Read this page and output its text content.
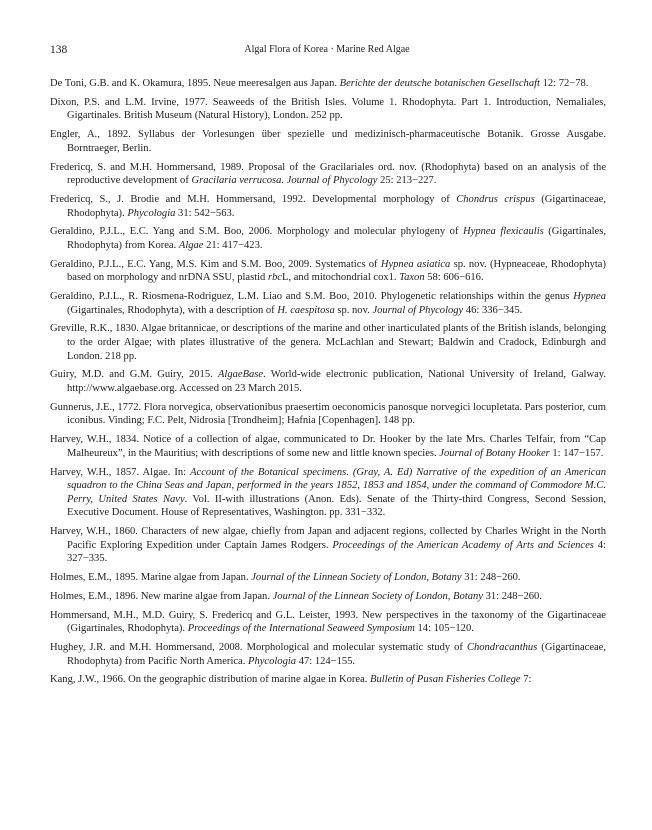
138	Algal Flora of Korea · Marine Red Algae

De Toni, G.B. and K. Okamura, 1895. Neue meeresalgen aus Japan. Berichte der deutsche botanischen Gesellschaft 12: 72−78.

Dixon, P.S. and L.M. Irvine, 1977. Seaweeds of the British Isles. Volume 1. Rhodophyta. Part 1. Introduction, Nemaliales, Gigartinales. British Museum (Natural History), London. 252 pp.

Engler, A., 1892. Syllabus der Vorlesungen über spezielle und medizinisch-pharmaceutische Botanik. Grosse Ausgabe. Borntraeger, Berlin.

Fredericq, S. and M.H. Hommersand, 1989. Proposal of the Gracilariales ord. nov. (Rhodophyta) based on an analysis of the reproductive development of Gracilaria verrucosa. Journal of Phycology 25: 213−227.

Fredericq, S., J. Brodie and M.H. Hommersand, 1992. Developmental morphology of Chondrus crispus (Gigartinaceae, Rhodophyta). Phycologia 31: 542−563.

Geraldino, P.J.L., E.C. Yang and S.M. Boo, 2006. Morphology and molecular phylogeny of Hypnea flexicaulis (Gigartinales, Rhodophyta) from Korea. Algae 21: 417−423.

Geraldino, P.J.L., E.C. Yang, M.S. Kim and S.M. Boo, 2009. Systematics of Hypnea asiatica sp. nov. (Hypneaceae, Rhodophyta) based on morphology and nrDNA SSU, plastid rbcL, and mitochondrial cox1. Taxon 58: 606−616.

Geraldino, P.J.L., R. Riosmena-Rodriguez, L.M. Liao and S.M. Boo, 2010. Phylogenetic relationships within the genus Hypnea (Gigartinales, Rhodophyta), with a description of H. caespitosa sp. nov. Journal of Phycology 46: 336−345.

Greville, R.K., 1830. Algae britannicae, or descriptions of the marine and other inarticulated plants of the British islands, belonging to the order Algae; with plates illustrative of the genera. McLachlan and Stewart; Baldwin and Cradock, Edinburgh and London. 218 pp.

Guiry, M.D. and G.M. Guiry, 2015. AlgaeBase. World-wide electronic publication, National University of Ireland, Galway. http://www.algaebase.org. Accessed on 23 March 2015.

Gunnerus, J.E., 1772. Flora norvegica, observationibus praesertim oeconomicis panosque norvegici locupletata. Pars posterior, cum iconibus. Vinding; F.C. Pelt, Nidrosia [Trondheim]; Hafnia [Copenhagen]. 148 pp.

Harvey, W.H., 1834. Notice of a collection of algae, communicated to Dr. Hooker by the late Mrs. Charles Telfair, from “Cap Malheureux”, in the Mauritius; with descriptions of some new and little known species. Journal of Botany Hooker 1: 147−157.

Harvey, W.H., 1857. Algae. In: Account of the Botanical specimens. (Gray, A. Ed) Narrative of the expedition of an American squadron to the China Seas and Japan, performed in the years 1852, 1853 and 1854, under the command of Commodore M.C. Perry, United States Navy. Vol. II-with illustrations (Anon. Eds). Senate of the Thirty-third Congress, Second Session, Executive Document. House of Representatives, Washington. pp. 331−332.

Harvey, W.H., 1860. Characters of new algae, chiefly from Japan and adjacent regions, collected by Charles Wright in the North Pacific Exploring Expedition under Captain James Rodgers. Proceedings of the American Academy of Arts and Sciences 4: 327−335.

Holmes, E.M., 1895. Marine algae from Japan. Journal of the Linnean Society of London, Botany 31: 248−260.

Holmes, E.M., 1896. New marine algae from Japan. Journal of the Linnean Society of London, Botany 31: 248−260.

Hommersand, M.H., M.D. Guiry, S. Fredericq and G.L. Leister, 1993. New perspectives in the taxonomy of the Gigartinaceae (Gigartinales, Rhodophyta). Proceedings of the International Seaweed Symposium 14: 105−120.

Hughey, J.R. and M.H. Hommersand, 2008. Morphological and molecular systematic study of Chondracanthus (Gigartinaceae, Rhodophyta) from Pacific North America. Phycologia 47: 124−155.

Kang, J.W., 1966. On the geographic distribution of marine algae in Korea. Bulletin of Pusan Fisheries College 7:
